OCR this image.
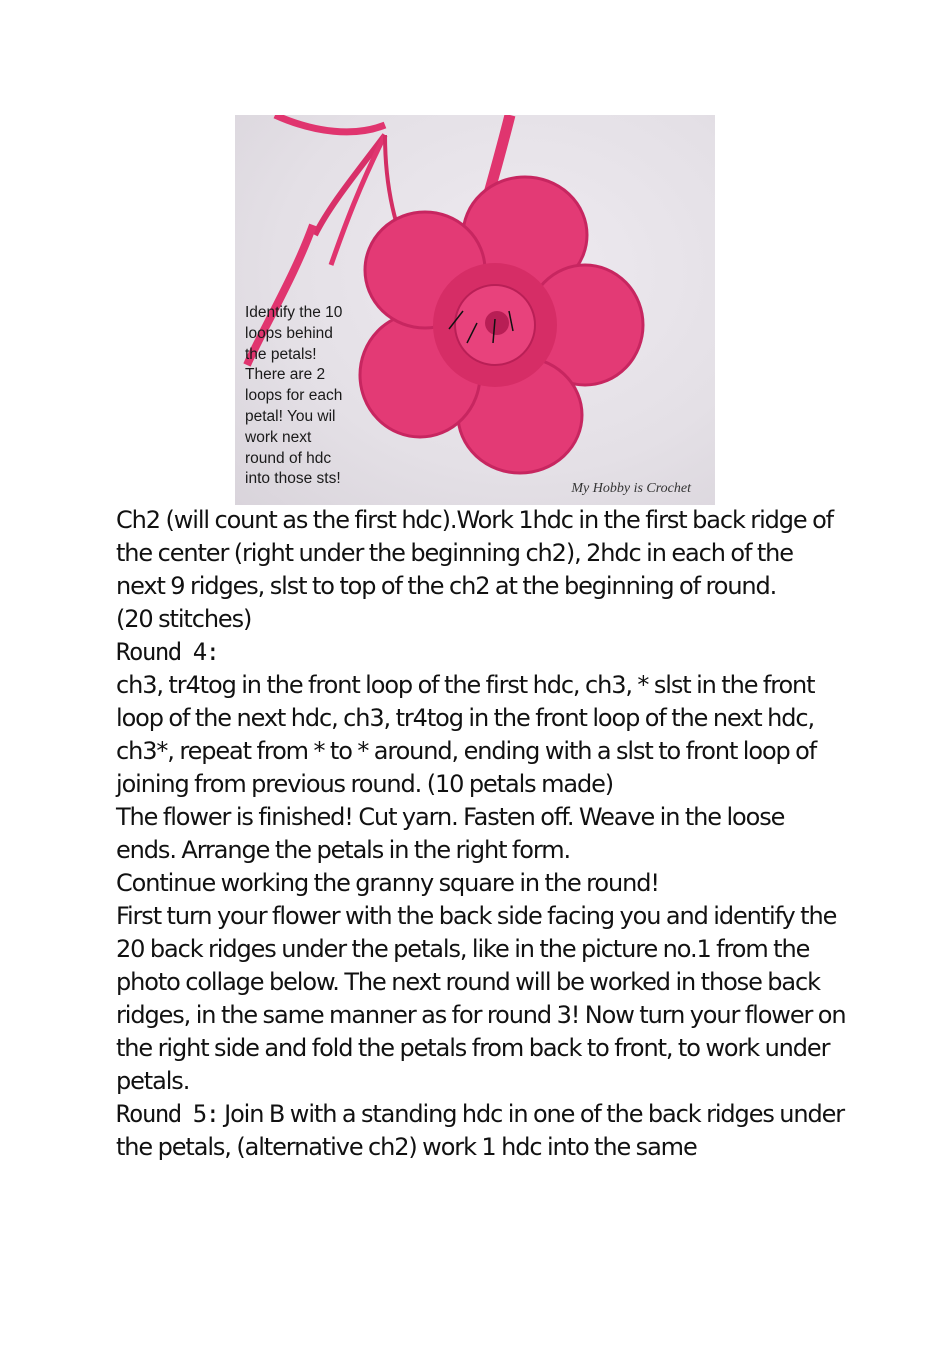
Identify the 10
loops behind
the petals!
There are 2
loops for each
petal! You wil
work next
round of hdc
into those sts!
My Hobby is Crochet

Ch2 (will count as the first hdc).Work 1hdc in the first back ridge of the center (right under the beginning ch2), 2hdc in each of the next 9 ridges, slst to top of the ch2 at the beginning of round.

(20 stitches)

Round 4:

ch3, tr4tog in the front loop of the first hdc, ch3, * slst in the front loop of the next hdc, ch3, tr4tog in the front loop of the next hdc, ch3*, repeat from * to * around, ending with a slst to front loop of joining from previous round. (10 petals made)

The flower is finished! Cut yarn. Fasten off. Weave in the loose ends. Arrange the petals in the right form.

Continue working the granny square in the round!

First turn your flower with the back side facing you and identify the 20 back ridges under the petals, like in the picture no.1 from the photo collage below. The next round will be worked in those back ridges, in the same manner as for round 3! Now turn your flower on the right side and fold the petals from back to front, to work under petals.

Round 5: Join B with a standing hdc in one of the back ridges under the petals, (alternative ch2) work 1 hdc into the same
